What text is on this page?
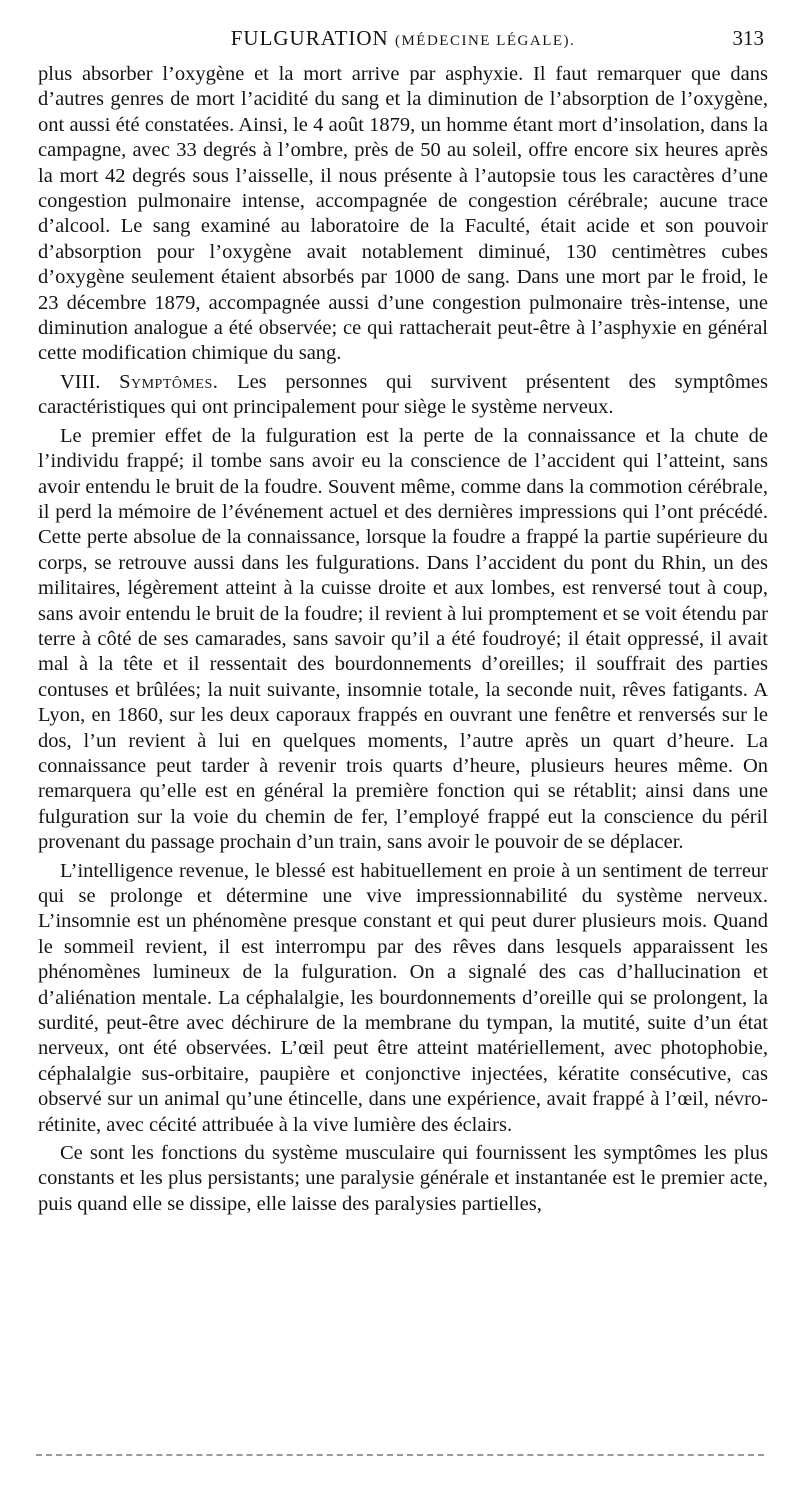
FULGURATION (MÉDECINE LÉGALE).	313

plus absorber l’oxygène et la mort arrive par asphyxie. Il faut remarquer que dans d’autres genres de mort l’acidité du sang et la diminution de l’absorption de l’oxygène, ont aussi été constatées. Ainsi, le 4 août 1879, un homme étant mort d’insolation, dans la campagne, avec 33 degrés à l’ombre, près de 50 au soleil, offre encore six heures après la mort 42 degrés sous l’aisselle, il nous présente à l’autopsie tous les caractères d’une congestion pulmonaire intense, accompagnée de congestion cérébrale; aucune trace d’alcool. Le sang examiné au laboratoire de la Faculté, était acide et son pouvoir d’absorption pour l’oxygène avait notablement diminué, 130 centimètres cubes d’oxygène seulement étaient absorbés par 1000 de sang. Dans une mort par le froid, le 23 décembre 1879, accompagnée aussi d’une congestion pulmonaire très-intense, une diminution analogue a été observée; ce qui rattacherait peut-être à l’asphyxie en général cette modification chimique du sang.

VIII. Symptômes. Les personnes qui survivent présentent des symptômes caractéristiques qui ont principalement pour siège le système nerveux.

Le premier effet de la fulguration est la perte de la connaissance et la chute de l’individu frappé; il tombe sans avoir eu la conscience de l’accident qui l’atteint, sans avoir entendu le bruit de la foudre. Souvent même, comme dans la commotion cérébrale, il perd la mémoire de l’événement actuel et des dernières impressions qui l’ont précédé. Cette perte absolue de la connaissance, lorsque la foudre a frappé la partie supérieure du corps, se retrouve aussi dans les fulgurations. Dans l’accident du pont du Rhin, un des militaires, légèrement atteint à la cuisse droite et aux lombes, est renversé tout à coup, sans avoir entendu le bruit de la foudre; il revient à lui promptement et se voit étendu par terre à côté de ses camarades, sans savoir qu’il a été foudroyé; il était oppressé, il avait mal à la tête et il ressentait des bourdonnements d’oreilles; il souffrait des parties contuses et brûlées; la nuit suivante, insomnie totale, la seconde nuit, rêves fatigants. A Lyon, en 1860, sur les deux caporaux frappés en ouvrant une fenêtre et renversés sur le dos, l’un revient à lui en quelques moments, l’autre après un quart d’heure. La connaissance peut tarder à revenir trois quarts d’heure, plusieurs heures même. On remarquera qu’elle est en général la première fonction qui se rétablit; ainsi dans une fulguration sur la voie du chemin de fer, l’employé frappé eut la conscience du péril provenant du passage prochain d’un train, sans avoir le pouvoir de se déplacer.

L’intelligence revenue, le blessé est habituellement en proie à un sentiment de terreur qui se prolonge et détermine une vive impressionnabilité du système nerveux. L’insomnie est un phénomène presque constant et qui peut durer plusieurs mois. Quand le sommeil revient, il est interrompu par des rêves dans lesquels apparaissent les phénomènes lumineux de la fulguration. On a signalé des cas d’hallucination et d’aliénation mentale. La céphalalgie, les bourdonnements d’oreille qui se prolongent, la surdité, peut-être avec déchirure de la membrane du tympan, la mutité, suite d’un état nerveux, ont été observées. L’œil peut être atteint matériellement, avec photophobie, céphalalgie sus-orbitaire, paupière et conjonctive injectées, kératite consécutive, cas observé sur un animal qu’une étincelle, dans une expérience, avait frappé à l’œil, névro-rétinite, avec cécité attribuée à la vive lumière des éclairs.

Ce sont les fonctions du système musculaire qui fournissent les symptômes les plus constants et les plus persistants; une paralysie générale et instantanée est le premier acte, puis quand elle se dissipe, elle laisse des paralysies partielles,
